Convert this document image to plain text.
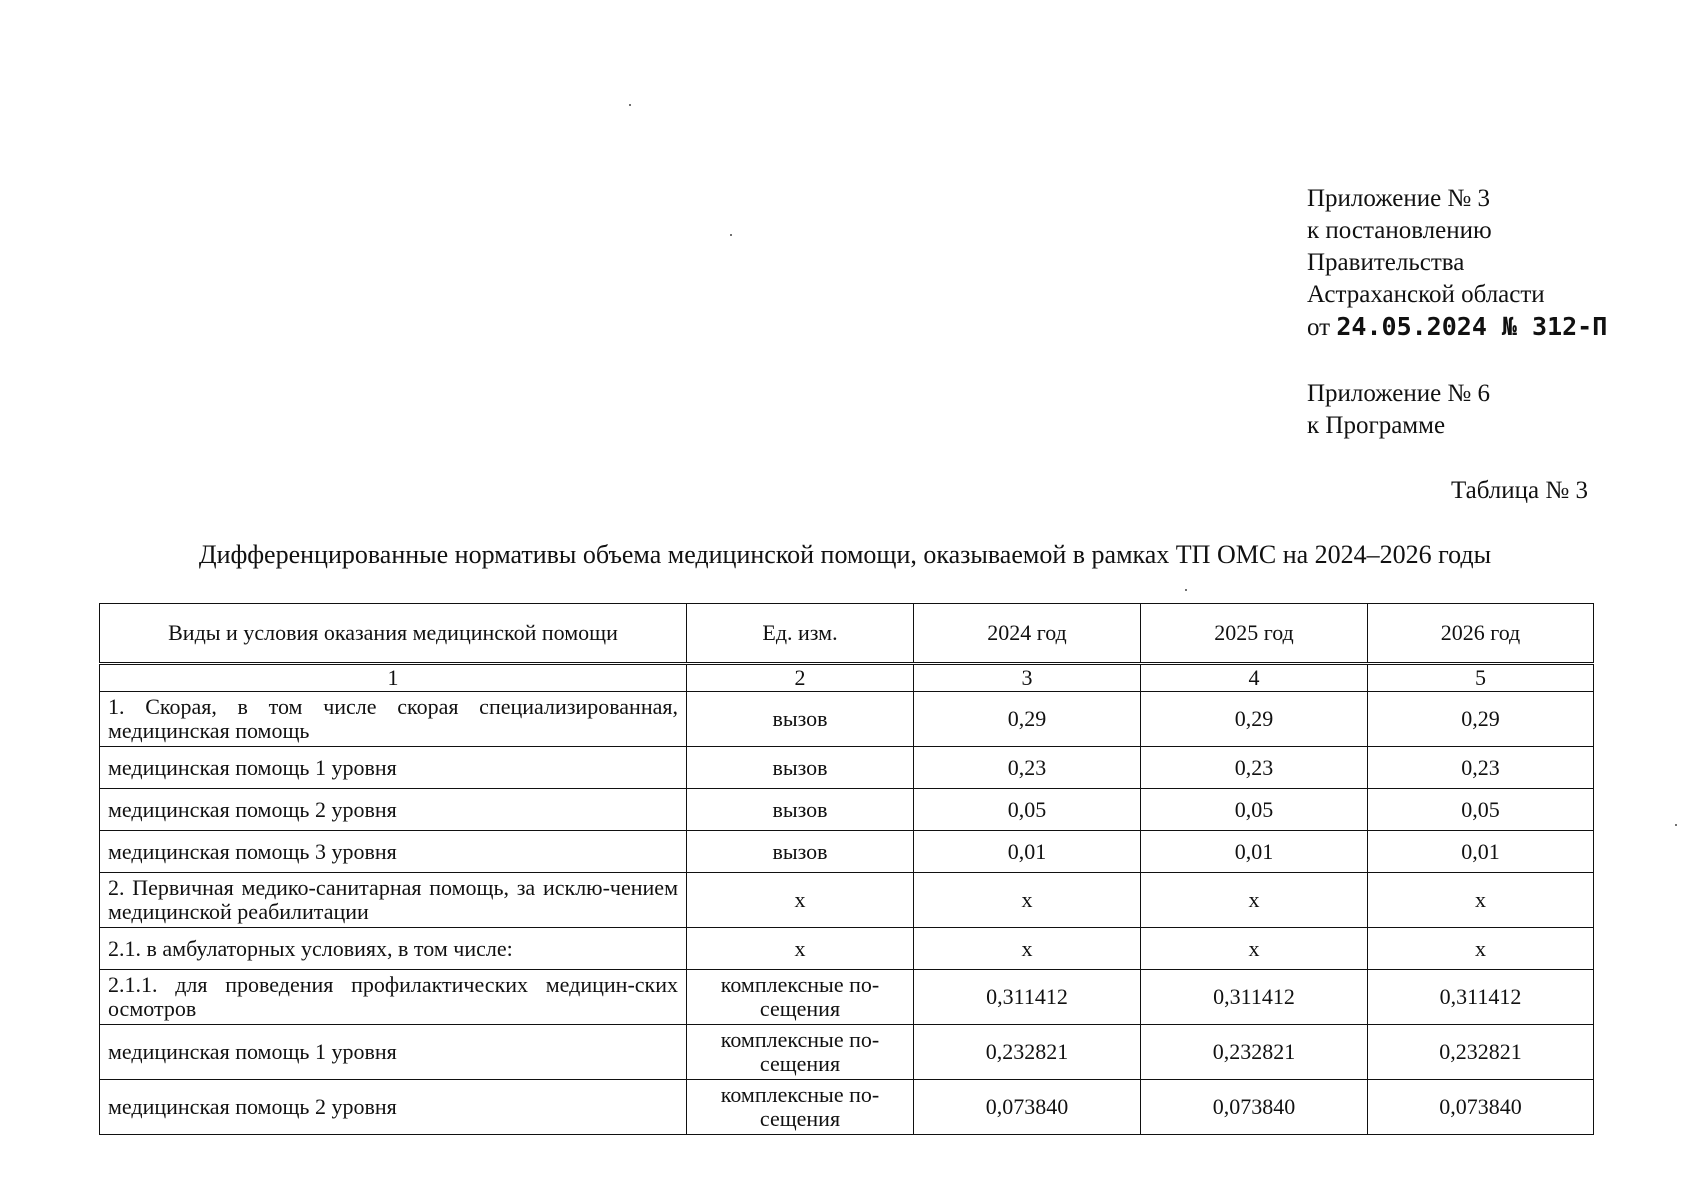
Приложение № 3
к постановлению
Правительства
Астраханской области
от 24.05.2024 № 312-П
Приложение № 6
к Программе
Таблица № 3
Дифференцированные нормативы объема медицинской помощи, оказываемой в рамках ТП ОМС на 2024–2026 годы
Виды и условия оказания медицинской помощи	Ед. изм.	2024 год	2025 год	2026 год
1	2	3	4	5
1. Скорая, в том числе скорая специализированная, медицинская помощь	вызов	0,29	0,29	0,29
медицинская помощь 1 уровня	вызов	0,23	0,23	0,23
медицинская помощь 2 уровня	вызов	0,05	0,05	0,05
медицинская помощь 3 уровня	вызов	0,01	0,01	0,01
2. Первичная медико-санитарная помощь, за исклю-чением медицинской реабилитации	х	х	х	х
2.1. в амбулаторных условиях, в том числе:	х	х	х	х
2.1.1. для проведения профилактических медицин-ских осмотров	комплексные по-сещения	0,311412	0,311412	0,311412
медицинская помощь 1 уровня	комплексные по-сещения	0,232821	0,232821	0,232821
медицинская помощь 2 уровня	комплексные по-сещения	0,073840	0,073840	0,073840
